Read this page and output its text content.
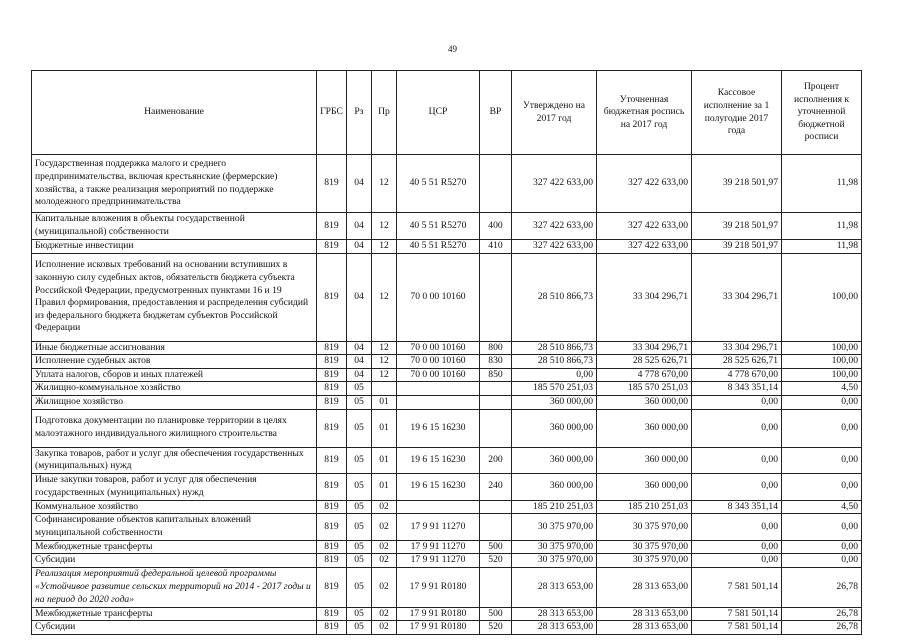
49
Наименование	ГРБС	Рз	Пр	ЦСР	ВР	Утверждено на 2017 год	Уточненная бюджетная роспись на 2017 год	Кассовое исполнение за 1 полугодие 2017 года	Процент исполнения к уточненной бюджетной росписи
Государственная поддержка малого и среднего предпринимательства, включая крестьянские (фермерские) хозяйства, а также реализация мероприятий по поддержке молодежного предпринимательства	819	04	12	40 5 51 R5270		327 422 633,00	327 422 633,00	39 218 501,97	11,98
Капитальные вложения в объекты государственной (муниципальной) собственности	819	04	12	40 5 51 R5270	400	327 422 633,00	327 422 633,00	39 218 501,97	11,98
Бюджетные инвестиции	819	04	12	40 5 51 R5270	410	327 422 633,00	327 422 633,00	39 218 501,97	11,98
Исполнение исковых требований на основании вступивших в законную силу судебных актов, обязательств бюджета субъекта Российской Федерации, предусмотренных пунктами 16 и 19 Правил формирования, предоставления и распределения субсидий из федерального бюджета бюджетам субъектов Российской Федерации	819	04	12	70 0 00 10160		28 510 866,73	33 304 296,71	33 304 296,71	100,00
Иные бюджетные ассигнования	819	04	12	70 0 00 10160	800	28 510 866,73	33 304 296,71	33 304 296,71	100,00
Исполнение судебных актов	819	04	12	70 0 00 10160	830	28 510 866,73	28 525 626,71	28 525 626,71	100,00
Уплата налогов, сборов и иных платежей	819	04	12	70 0 00 10160	850	0,00	4 778 670,00	4 778 670,00	100,00
Жилищно-коммунальное хозяйство	819	05				185 570 251,03	185 570 251,03	8 343 351,14	4,50
Жилищное хозяйство	819	05	01			360 000,00	360 000,00	0,00	0,00
Подготовка документации по планировке территории в целях малоэтажного индивидуального жилищного строительства	819	05	01	19 6 15 16230		360 000,00	360 000,00	0,00	0,00
Закупка товаров, работ и услуг для обеспечения государственных (муниципальных) нужд	819	05	01	19 6 15 16230	200	360 000,00	360 000,00	0,00	0,00
Иные закупки товаров, работ и услуг для обеспечения государственных (муниципальных) нужд	819	05	01	19 6 15 16230	240	360 000,00	360 000,00	0,00	0,00
Коммунальное хозяйство	819	05	02			185 210 251,03	185 210 251,03	8 343 351,14	4,50
Софинансирование объектов капитальных вложений муниципальной собственности	819	05	02	17 9 91 11270		30 375 970,00	30 375 970,00	0,00	0,00
Межбюджетные трансферты	819	05	02	17 9 91 11270	500	30 375 970,00	30 375 970,00	0,00	0,00
Субсидии	819	05	02	17 9 91 11270	520	30 375 970,00	30 375 970,00	0,00	0,00
Реализация мероприятий федеральной целевой программы «Устойчивое развитие сельских территорий на 2014 - 2017 годы и на период до 2020 года»	819	05	02	17 9 91 R0180		28 313 653,00	28 313 653,00	7 581 501,14	26,78
Межбюджетные трансферты	819	05	02	17 9 91 R0180	500	28 313 653,00	28 313 653,00	7 581 501,14	26,78
Субсидии	819	05	02	17 9 91 R0180	520	28 313 653,00	28 313 653,00	7 581 501,14	26,78
